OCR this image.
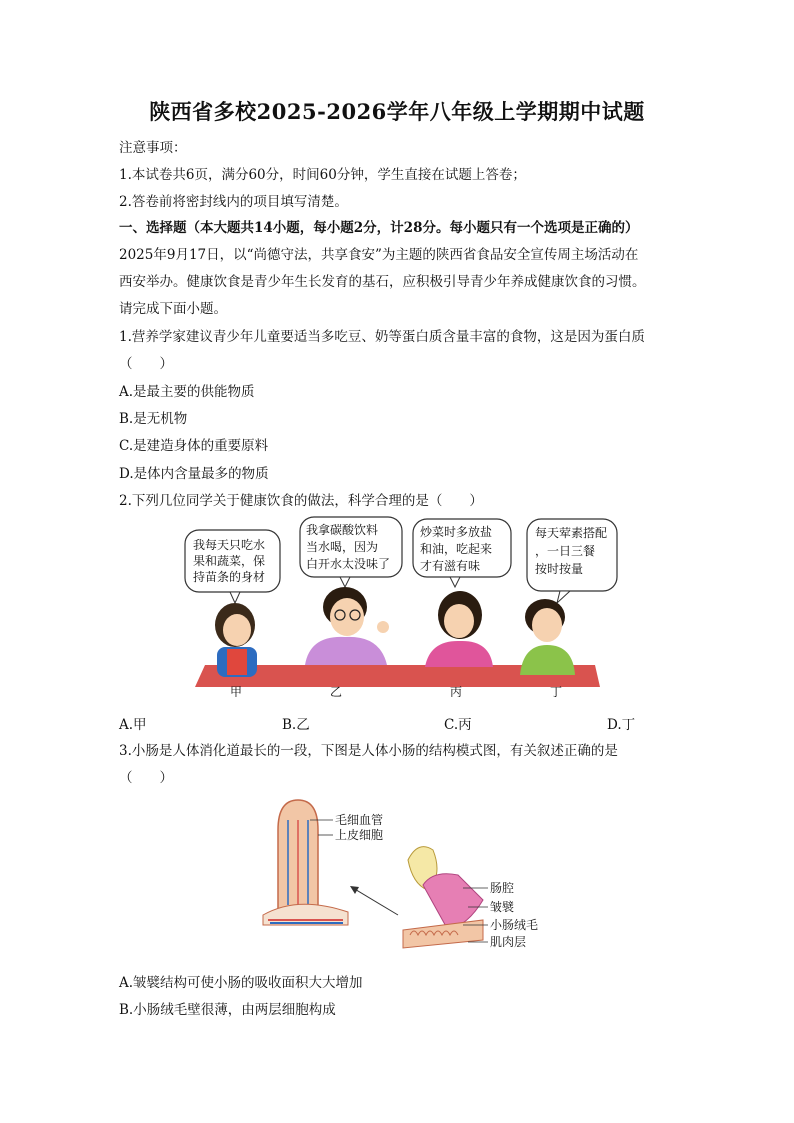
陕西省多校2025-2026学年八年级上学期期中试题
注意事项：
1.本试卷共6页，满分60分，时间60分钟，学生直接在试题上答卷；
2.答卷前将密封线内的项目填写清楚。
一、选择题（本大题共14小题，每小题2分，计28分。每小题只有一个选项是正确的）
2025年9月17日，以“尚德守法，共享食安”为主题的陕西省食品安全宣传周主场活动在
西安举办。健康饮食是青少年生长发育的基石，应积极引导青少年养成健康饮食的习惯。
请完成下面小题。
1.营养学家建议青少年儿童要适当多吃豆、奶等蛋白质含量丰富的食物，这是因为蛋白质
（　　）
A.是最主要的供能物质
B.是无机物
C.是建造身体的重要原料
D.是体内含量最多的物质
2.下列几位同学关于健康饮食的做法，科学合理的是（　　）
我每天只吃水
果和蔬菜，保
持苗条的身材
我拿碳酸饮料
当水喝，因为
白开水太没味了
炒菜时多放盐
和油，吃起来
才有滋有味
每天荤素搭配
，一日三餐
按时按量
甲	乙	丙	丁
A.甲	B.乙	C.丙	D.丁
3.小肠是人体消化道最长的一段，下图是人体小肠的结构模式图，有关叙述正确的是
（　　）
毛细血管
上皮细胞
肠腔
皱襞
小肠绒毛
肌肉层
A.皱襞结构可使小肠的吸收面积大大增加
B.小肠绒毛壁很薄，由两层细胞构成
